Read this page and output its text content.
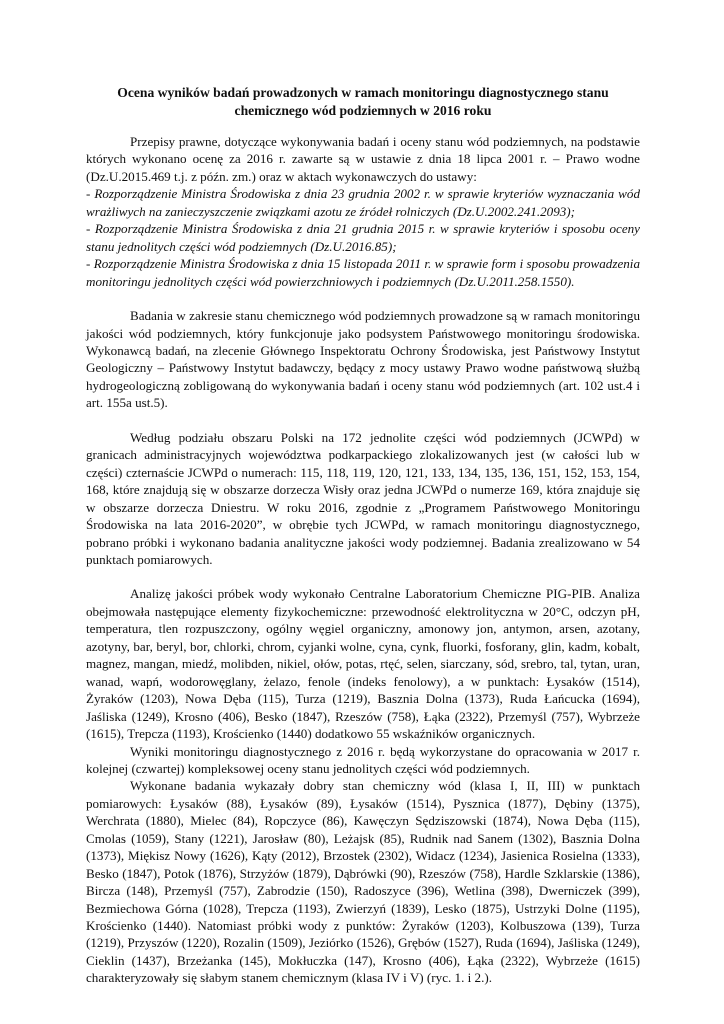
Ocena wyników badań prowadzonych w ramach monitoringu diagnostycznego stanu
chemicznego wód podziemnych w 2016 roku

Przepisy prawne, dotyczące wykonywania badań i oceny stanu wód podziemnych, na podstawie których wykonano ocenę za 2016 r. zawarte są w ustawie z dnia 18 lipca 2001 r. – Prawo wodne (Dz.U.2015.469 t.j. z późn. zm.) oraz w aktach wykonawczych do ustawy:

- Rozporządzenie Ministra Środowiska z dnia 23 grudnia 2002 r. w sprawie kryteriów wyznaczania wód wrażliwych na zanieczyszczenie związkami azotu ze źródeł rolniczych (Dz.U.2002.241.2093);

- Rozporządzenie Ministra Środowiska z dnia 21 grudnia 2015 r. w sprawie kryteriów i sposobu oceny stanu jednolitych części wód podziemnych (Dz.U.2016.85);

- Rozporządzenie Ministra Środowiska z dnia 15 listopada 2011 r. w sprawie form i sposobu prowadzenia monitoringu jednolitych części wód powierzchniowych i podziemnych (Dz.U.2011.258.1550).

Badania w zakresie stanu chemicznego wód podziemnych prowadzone są w ramach monitoringu jakości wód podziemnych, który funkcjonuje jako podsystem Państwowego monitoringu środowiska. Wykonawcą badań, na zlecenie Głównego Inspektoratu Ochrony Środowiska, jest Państwowy Instytut Geologiczny – Państwowy Instytut badawczy, będący z mocy ustawy Prawo wodne państwową służbą hydrogeologiczną zobligowaną do wykonywania badań i oceny stanu wód podziemnych (art. 102 ust.4 i art. 155a ust.5).

Według podziału obszaru Polski na 172 jednolite części wód podziemnych (JCWPd) w granicach administracyjnych województwa podkarpackiego zlokalizowanych jest (w całości lub w części) czternaście JCWPd o numerach: 115, 118, 119, 120, 121, 133, 134, 135, 136, 151, 152, 153, 154, 168, które znajdują się w obszarze dorzecza Wisły oraz jedna JCWPd o numerze 169, która znajduje się w obszarze dorzecza Dniestru. W roku 2016, zgodnie z „Programem Państwowego Monitoringu Środowiska na lata 2016-2020”, w obrębie tych JCWPd, w ramach monitoringu diagnostycznego, pobrano próbki i wykonano badania analityczne jakości wody podziemnej. Badania zrealizowano w 54 punktach pomiarowych.

Analizę jakości próbek wody wykonało Centralne Laboratorium Chemiczne PIG-PIB. Analiza obejmowała następujące elementy fizykochemiczne: przewodność elektrolityczna w 20°C, odczyn pH, temperatura, tlen rozpuszczony, ogólny węgiel organiczny, amonowy jon, antymon, arsen, azotany, azotyny, bar, beryl, bor, chlorki, chrom, cyjanki wolne, cyna, cynk, fluorki, fosforany, glin, kadm, kobalt, magnez, mangan, miedź, molibden, nikiel, ołów, potas, rtęć, selen, siarczany, sód, srebro, tal, tytan, uran, wanad, wapń, wodorowęglany, żelazo, fenole (indeks fenolowy), a w punktach: Łysaków (1514), Żyraków (1203), Nowa Dęba (115), Turza (1219), Basznia Dolna (1373), Ruda Łańcucka (1694), Jaśliska (1249), Krosno (406), Besko (1847), Rzeszów (758), Łąka (2322), Przemyśl (757), Wybrzeże (1615), Trepcza (1193), Krościenko (1440) dodatkowo 55 wskaźników organicznych.

Wyniki monitoringu diagnostycznego z 2016 r. będą wykorzystane do opracowania w 2017 r. kolejnej (czwartej) kompleksowej oceny stanu jednolitych części wód podziemnych.

Wykonane badania wykazały dobry stan chemiczny wód (klasa I, II, III) w punktach pomiarowych: Łysaków (88), Łysaków (89), Łysaków (1514), Pysznica (1877), Dębiny (1375), Werchrata (1880), Mielec (84), Ropczyce (86), Kawęczyn Sędziszowski (1874), Nowa Dęba (115), Cmolas (1059), Stany (1221), Jarosław (80), Leżajsk (85), Rudnik nad Sanem (1302), Basznia Dolna (1373), Miękisz Nowy (1626), Kąty (2012), Brzostek (2302), Widacz (1234), Jasienica Rosielna (1333), Besko (1847), Potok (1876), Strzyżów (1879), Dąbrówki (90), Rzeszów (758), Hardle Szklarskie (1386), Bircza (148), Przemyśl (757), Zabrodzie (150), Radoszyce (396), Wetlina (398), Dwerniczek (399), Bezmiechowa Górna (1028), Trepcza (1193), Zwierzyń (1839), Lesko (1875), Ustrzyki Dolne (1195), Krościenko (1440). Natomiast próbki wody z punktów: Żyraków (1203), Kolbuszowa (139), Turza (1219), Przyszów (1220), Rozalin (1509), Jeziórko (1526), Grębów (1527), Ruda (1694), Jaśliska (1249), Cieklin (1437), Brzeżanka (145), Mokłuczka (147), Krosno (406), Łąka (2322), Wybrzeże (1615) charakteryzowały się słabym stanem chemicznym (klasa IV i V) (ryc. 1. i 2.).
